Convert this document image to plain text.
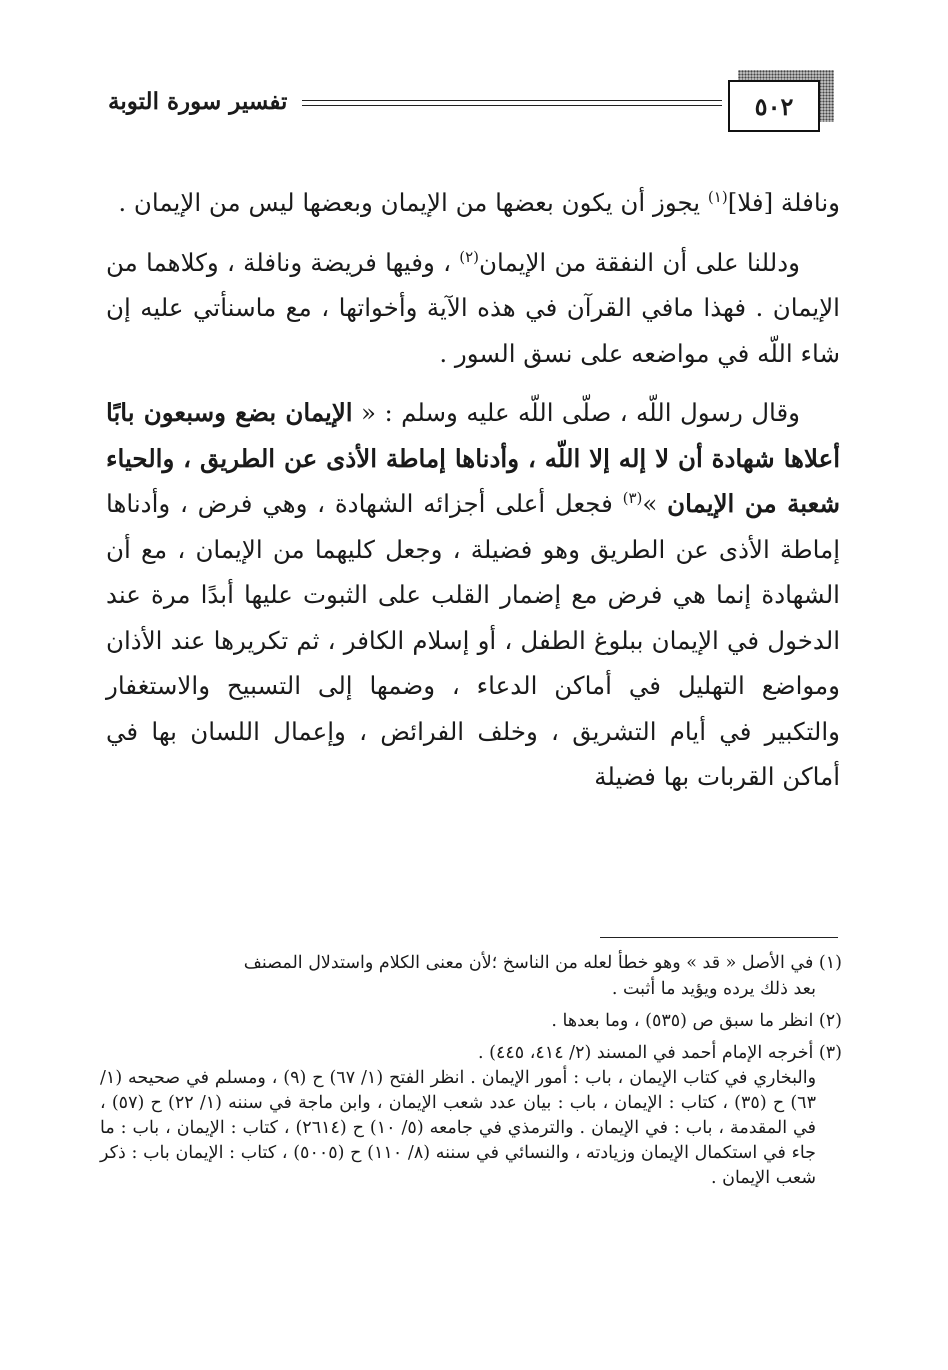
٥٠٢
تفسير سورة التوبة

ونافلة [فلا]$^{(١)}$ يجوز أن يكون بعضها من الإيمان وبعضها ليس من الإيمان .

ودللنا على أن النفقة من الإيمان$^{(٢)}$ ، وفيها فريضة ونافلة ، وكلاهما من الإيمان . فهذا مافي القرآن في هذه الآية وأخواتها ، مع ماسنأتي عليه إن شاء اللّه في مواضعه على نسق السور .

وقال رسول اللّه ، صلّى اللّه عليه وسلم : « الإيمان بضع وسبعون بابًا أعلاها شهادة أن لا إله إلا اللّه ، وأدناها إماطة الأذى عن الطريق ، والحياء شعبة من الإيمان »$^{(٣)}$ فجعل أعلى أجزائه الشهادة ، وهي فرض ، وأدناها إماطة الأذى عن الطريق وهو فضيلة ، وجعل كليهما من الإيمان ، مع أن الشهادة إنما هي فرض مع إضمار القلب على الثبوت عليها أبدًا مرة عند الدخول في الإيمان ببلوغ الطفل ، أو إسلام الكافر ، ثم تكريرها عند الأذان ومواضع التهليل في أماكن الدعاء ، وضمها إلى التسبيح والاستغفار والتكبير في أيام التشريق ، وخلف الفرائض ، وإعمال اللسان بها في أماكن القربات بها فضيلة

(١) في الأصل « قد » وهو خطأ لعله من الناسخ ؛لأن معنى الكلام واستدلال المصنف
بعد ذلك يرده ويؤيد ما أثبت .

(٢) انظر ما سبق ص (٥٣٥) ، وما بعدها .

(٣) أخرجه الإمام أحمد في المسند (٢/ ٤١٤، ٤٤٥) .
والبخاري في كتاب الإيمان ، باب : أمور الإيمان . انظر الفتح (١/ ٦٧) ح (٩) ، ومسلم في صحيحه (١/ ٦٣) ح (٣٥) ، كتاب : الإيمان ، باب : بيان عدد شعب الإيمان ، وابن ماجة في سننه (١/ ٢٢) ح (٥٧) ، في المقدمة ، باب : في الإيمان . والترمذي في جامعه (٥/ ١٠) ح (٢٦١٤) ، كتاب : الإيمان ، باب : ما جاء في استكمال الإيمان وزيادته ، والنسائي في سننه (٨/ ١١٠) ح (٥٠٠٥) ، كتاب : الإيمان باب : ذكر شعب الإيمان .
